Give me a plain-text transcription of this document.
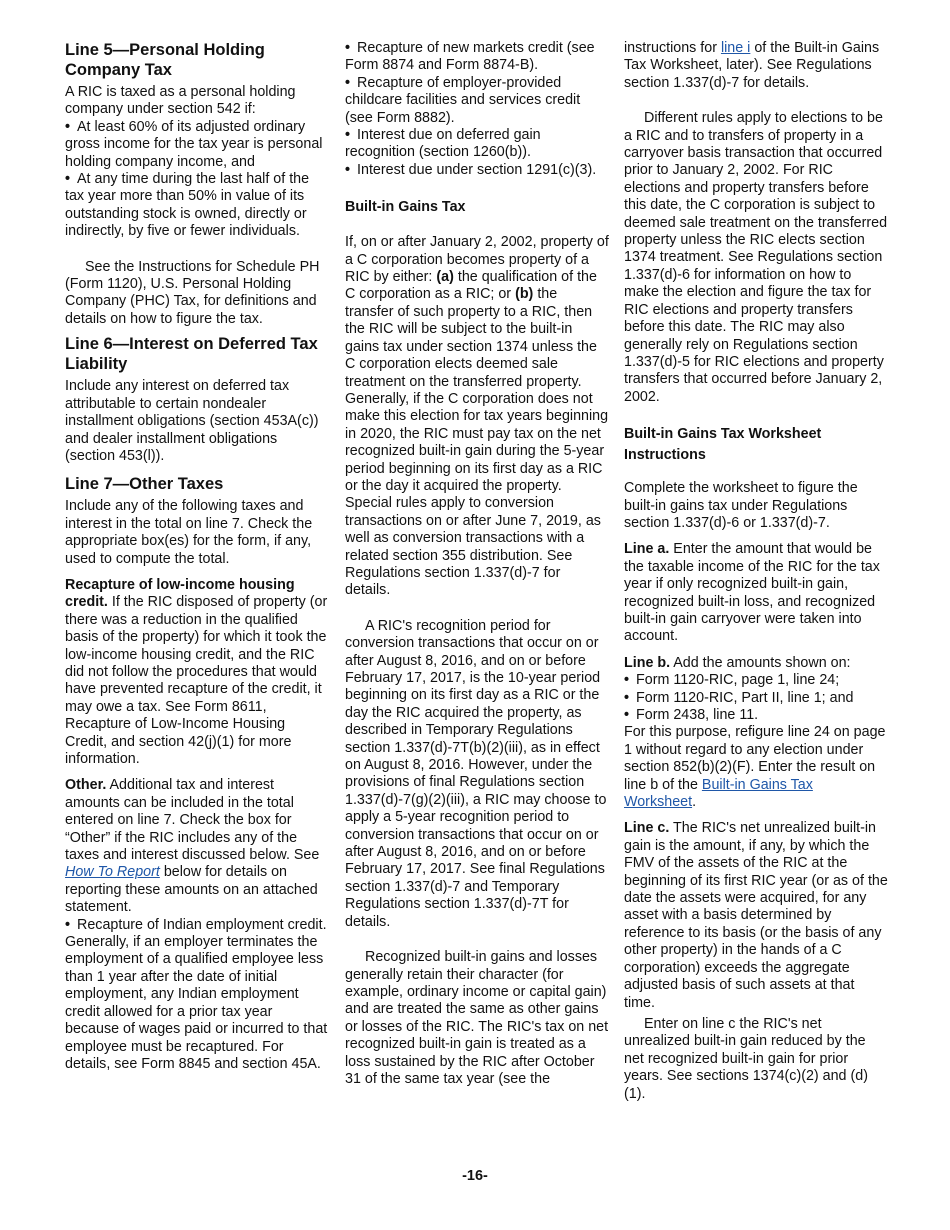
Line 5—Personal Holding Company Tax

A RIC is taxed as a personal holding company under section 542 if:

• At least 60% of its adjusted ordinary gross income for the tax year is personal holding company income, and

• At any time during the last half of the tax year more than 50% in value of its outstanding stock is owned, directly or indirectly, by five or fewer individuals.

See the Instructions for Schedule PH (Form 1120), U.S. Personal Holding Company (PHC) Tax, for definitions and details on how to figure the tax.

Line 6—Interest on Deferred Tax Liability

Include any interest on deferred tax attributable to certain nondealer installment obligations (section 453A(c)) and dealer installment obligations (section 453(l)).

Line 7—Other Taxes

Include any of the following taxes and interest in the total on line 7. Check the appropriate box(es) for the form, if any, used to compute the total.

Recapture of low-income housing credit. If the RIC disposed of property (or there was a reduction in the qualified basis of the property) for which it took the low-income housing credit, and the RIC did not follow the procedures that would have prevented recapture of the credit, it may owe a tax. See Form 8611, Recapture of Low-Income Housing Credit, and section 42(j)(1) for more information.

Other. Additional tax and interest amounts can be included in the total entered on line 7. Check the box for “Other” if the RIC includes any of the taxes and interest discussed below. See How To Report below for details on reporting these amounts on an attached statement.

• Recapture of Indian employment credit. Generally, if an employer terminates the employment of a qualified employee less than 1 year after the date of initial employment, any Indian employment credit allowed for a prior tax year because of wages paid or incurred to that employee must be recaptured. For details, see Form 8845 and section 45A.

• Recapture of new markets credit (see Form 8874 and Form 8874-B).

• Recapture of employer-provided childcare facilities and services credit (see Form 8882).

• Interest due on deferred gain recognition (section 1260(b)).

• Interest due under section 1291(c)(3).

Built-in Gains Tax

If, on or after January 2, 2002, property of a C corporation becomes property of a RIC by either: (a) the qualification of the C corporation as a RIC; or (b) the transfer of such property to a RIC, then the RIC will be subject to the built-in gains tax under section 1374 unless the C corporation elects deemed sale treatment on the transferred property. Generally, if the C corporation does not make this election for tax years beginning in 2020, the RIC must pay tax on the net recognized built-in gain during the 5-year period beginning on its first day as a RIC or the day it acquired the property. Special rules apply to conversion transactions on or after June 7, 2019, as well as conversion transactions with a related section 355 distribution. See Regulations section 1.337(d)-7 for details.

A RIC's recognition period for conversion transactions that occur on or after August 8, 2016, and on or before February 17, 2017, is the 10-year period beginning on its first day as a RIC or the day the RIC acquired the property, as described in Temporary Regulations section 1.337(d)-7T(b)(2)(iii), as in effect on August 8, 2016. However, under the provisions of final Regulations section 1.337(d)-7(g)(2)(iii), a RIC may choose to apply a 5-year recognition period to conversion transactions that occur on or after August 8, 2016, and on or before February 17, 2017. See final Regulations section 1.337(d)-7 and Temporary Regulations section 1.337(d)-7T for details.

Recognized built-in gains and losses generally retain their character (for example, ordinary income or capital gain) and are treated the same as other gains or losses of the RIC. The RIC's tax on net recognized built-in gain is treated as a loss sustained by the RIC after October 31 of the same tax year (see the

instructions for line i of the Built-in Gains Tax Worksheet, later). See Regulations section 1.337(d)-7 for details.

Different rules apply to elections to be a RIC and to transfers of property in a carryover basis transaction that occurred prior to January 2, 2002. For RIC elections and property transfers before this date, the C corporation is subject to deemed sale treatment on the transferred property unless the RIC elects section 1374 treatment. See Regulations section 1.337(d)-6 for information on how to make the election and figure the tax for RIC elections and property transfers before this date. The RIC may also generally rely on Regulations section 1.337(d)-5 for RIC elections and property transfers that occurred before January 2, 2002.

Built-in Gains Tax Worksheet Instructions

Complete the worksheet to figure the built-in gains tax under Regulations section 1.337(d)-6 or 1.337(d)-7.

Line a. Enter the amount that would be the taxable income of the RIC for the tax year if only recognized built-in gain, recognized built-in loss, and recognized built-in gain carryover were taken into account.

Line b. Add the amounts shown on:

• Form 1120-RIC, page 1, line 24;

• Form 1120-RIC, Part II, line 1; and

• Form 2438, line 11.

For this purpose, refigure line 24 on page 1 without regard to any election under section 852(b)(2)(F). Enter the result on line b of the Built-in Gains Tax Worksheet.

Line c. The RIC's net unrealized built-in gain is the amount, if any, by which the FMV of the assets of the RIC at the beginning of its first RIC year (or as of the date the assets were acquired, for any asset with a basis determined by reference to its basis (or the basis of any other property) in the hands of a C corporation) exceeds the aggregate adjusted basis of such assets at that time.

Enter on line c the RIC's net unrealized built-in gain reduced by the net recognized built-in gain for prior years. See sections 1374(c)(2) and (d)(1).

-16-
